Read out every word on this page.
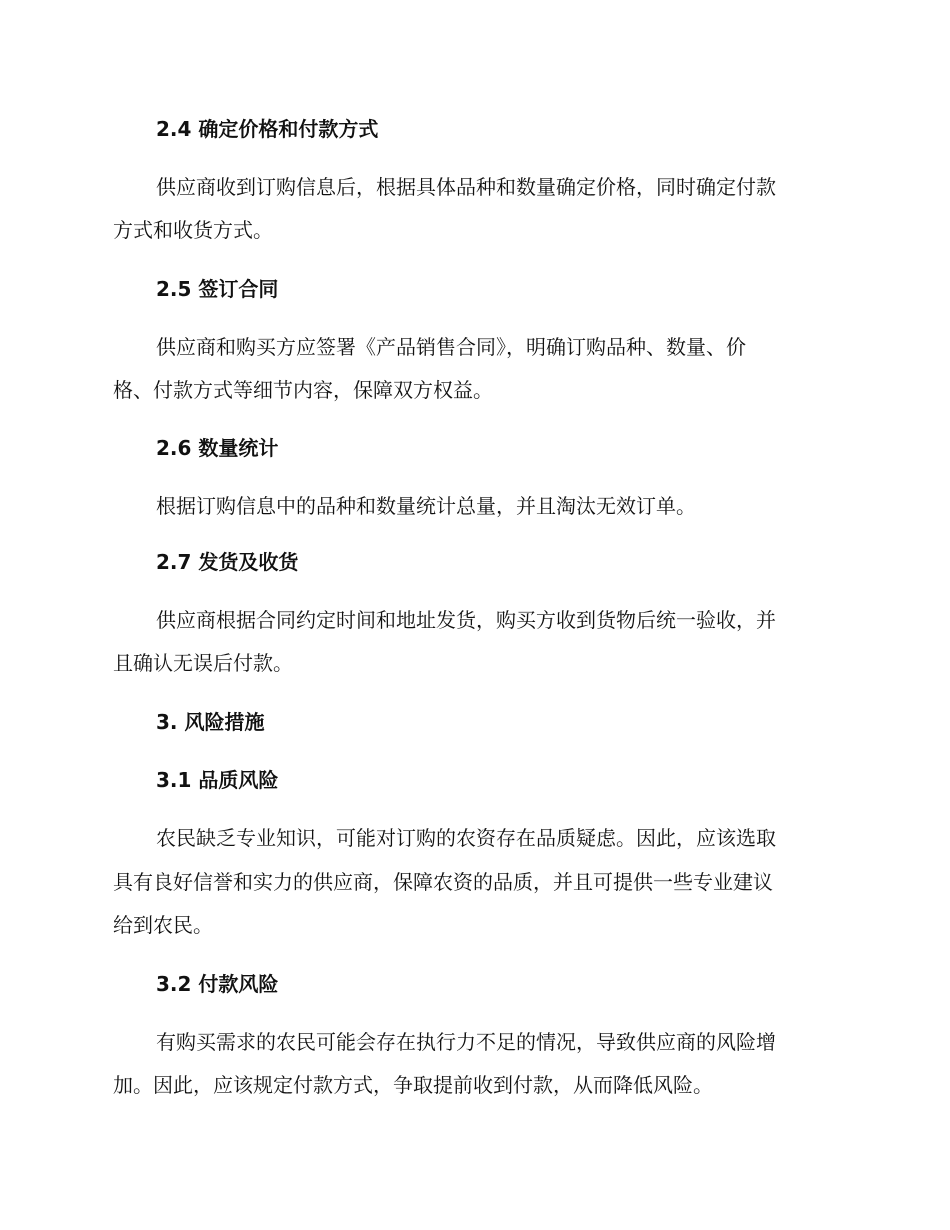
2.4 确定价格和付款方式
供应商收到订购信息后，根据具体品种和数量确定价格，同时确定付款
方式和收货方式。
2.5 签订合同
供应商和购买方应签署《产品销售合同》，明确订购品种、数量、价
格、付款方式等细节内容，保障双方权益。
2.6 数量统计
根据订购信息中的品种和数量统计总量，并且淘汰无效订单。
2.7 发货及收货
供应商根据合同约定时间和地址发货，购买方收到货物后统一验收，并
且确认无误后付款。
3. 风险措施
3.1 品质风险
农民缺乏专业知识，可能对订购的农资存在品质疑虑。因此，应该选取
具有良好信誉和实力的供应商，保障农资的品质，并且可提供一些专业建议
给到农民。
3.2 付款风险
有购买需求的农民可能会存在执行力不足的情况，导致供应商的风险增
加。因此，应该规定付款方式，争取提前收到付款，从而降低风险。
